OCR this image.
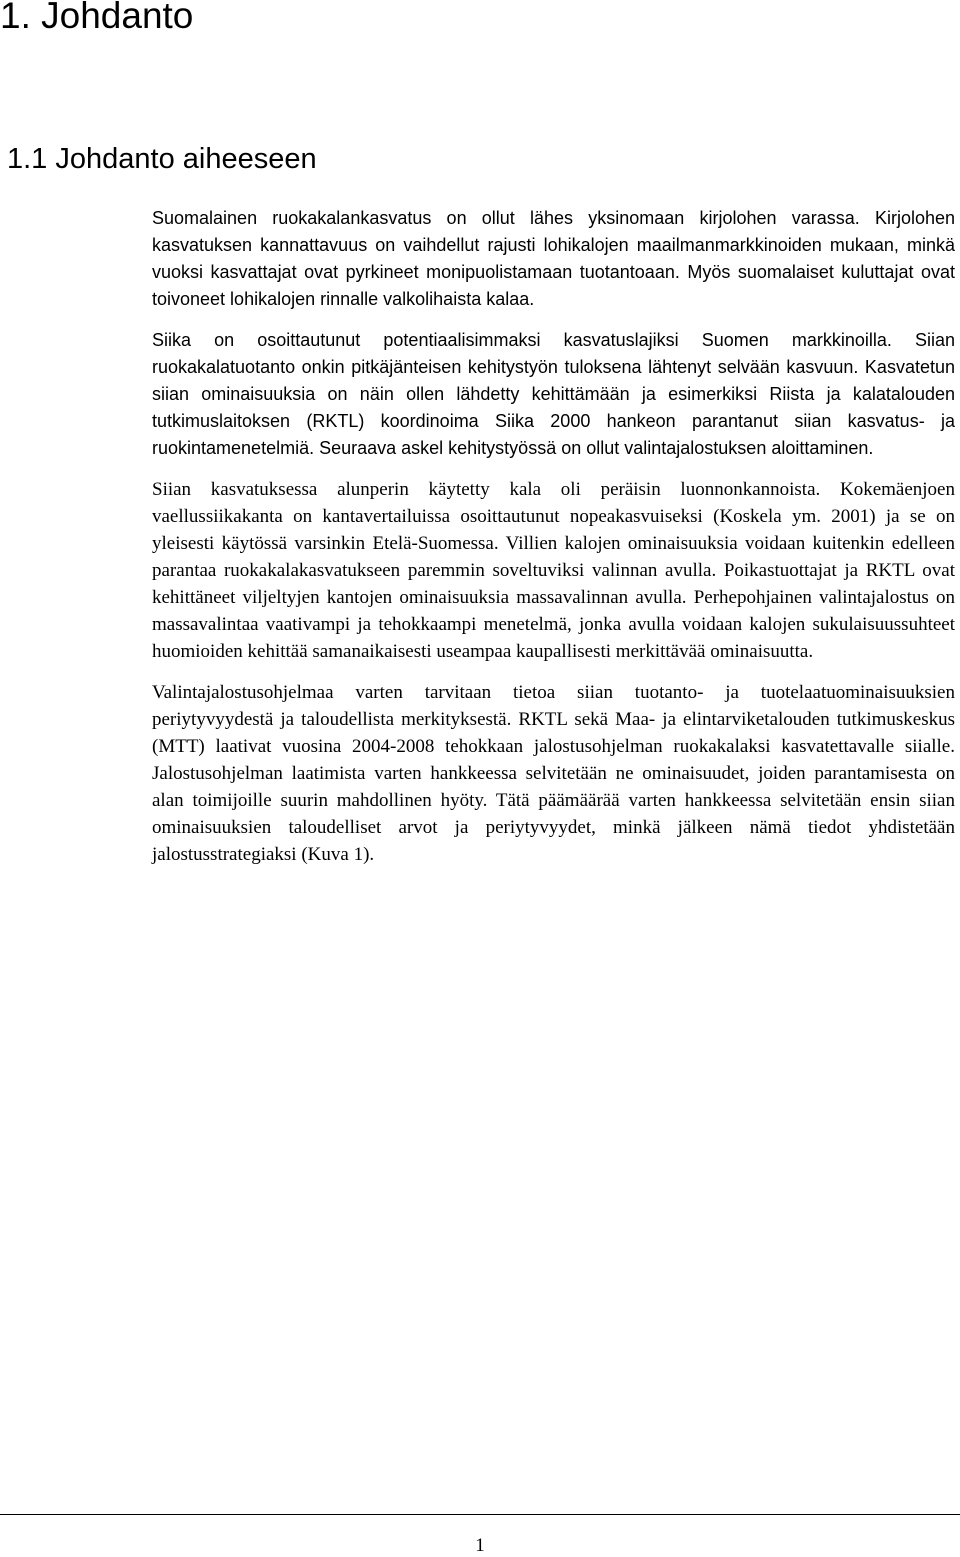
1. Johdanto
1.1 Johdanto aiheeseen

Suomalainen ruokakalankasvatus on ollut lähes yksinomaan kirjolohen varassa. Kirjolohen kasvatuksen kannattavuus on vaihdellut rajusti lohikalojen maailmanmarkkinoiden mukaan, minkä vuoksi kasvattajat ovat pyrkineet monipuolistamaan tuotantoaan. Myös suomalaiset kuluttajat ovat toivoneet lohikalojen rinnalle valkolihaista kalaa.

Siika on osoittautunut potentiaalisimmaksi kasvatuslajiksi Suomen markkinoilla. Siian ruokakalatuotanto onkin pitkäjänteisen kehitystyön tuloksena lähtenyt selvään kasvuun. Kasvatetun siian ominaisuuksia on näin ollen lähdetty kehittämään ja esimerkiksi Riista ja kalatalouden tutkimuslaitoksen (RKTL) koordinoima Siika 2000 hankeon parantanut siian kasvatus- ja ruokintamenetelmiä. Seuraava askel kehitystyössä on ollut valintajalostuksen aloittaminen.

Siian kasvatuksessa alunperin käytetty kala oli peräisin luonnonkannoista. Kokemäenjoen vaellussiikakanta on kantavertailuissa osoittautunut nopeakasvuiseksi (Koskela ym. 2001) ja se on yleisesti käytössä varsinkin Etelä-Suomessa. Villien kalojen ominaisuuksia voidaan kuitenkin edelleen parantaa ruokakalakasvatukseen paremmin soveltuviksi valinnan avulla. Poikastuottajat ja RKTL ovat kehittäneet viljeltyjen kantojen ominaisuuksia massavalinnan avulla. Perhepohjainen valintajalostus on massavalintaa vaativampi ja tehokkaampi menetelmä, jonka avulla voidaan kalojen sukulaisuussuhteet huomioiden kehittää samanaikaisesti useampaa kaupallisesti merkittävää ominaisuutta.

Valintajalostusohjelmaa varten tarvitaan tietoa siian tuotanto- ja tuotelaatuominaisuuksien periytyvyydestä ja taloudellista merkityksestä. RKTL sekä Maa- ja elintarviketalouden tutkimuskeskus (MTT) laativat vuosina 2004-2008 tehokkaan jalostusohjelman ruokakalaksi kasvatettavalle siialle. Jalostusohjelman laatimista varten hankkeessa selvitetään ne ominaisuudet, joiden parantamisesta on alan toimijoille suurin mahdollinen hyöty. Tätä päämäärää varten hankkeessa selvitetään ensin siian ominaisuuksien taloudelliset arvot ja periytyvyydet, minkä jälkeen nämä tiedot yhdistetään jalostusstrategiaksi (Kuva 1).

1
